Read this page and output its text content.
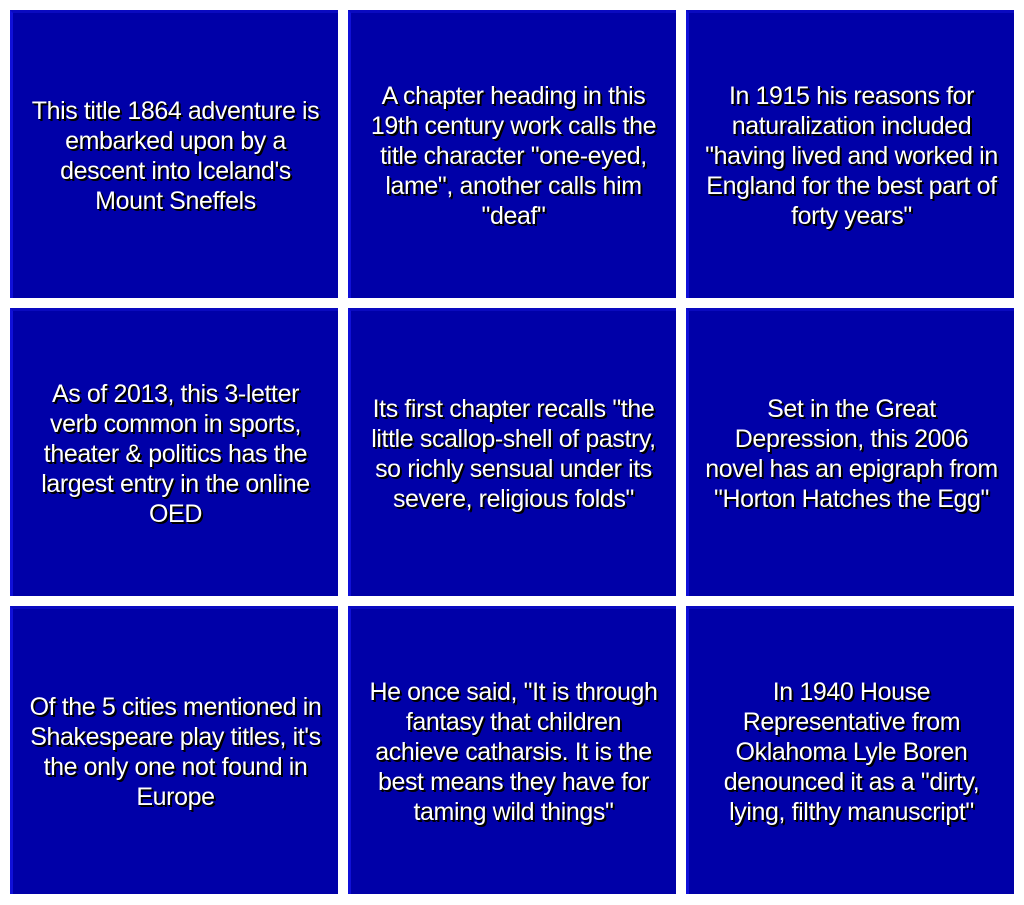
This title 1864 adventure is
embarked upon by a
descent into Iceland's
Mount Sneffels
A chapter heading in this
19th century work calls the
title character "one-eyed,
lame", another calls him
"deaf"
In 1915 his reasons for
naturalization included
"having lived and worked in
England for the best part of
forty years"
As of 2013, this 3-letter
verb common in sports,
theater & politics has the
largest entry in the online
OED
Its first chapter recalls "the
little scallop-shell of pastry,
so richly sensual under its
severe, religious folds"
Set in the Great
Depression, this 2006
novel has an epigraph from
"Horton Hatches the Egg"
Of the 5 cities mentioned in
Shakespeare play titles, it's
the only one not found in
Europe
He once said, "It is through
fantasy that children
achieve catharsis. It is the
best means they have for
taming wild things"
In 1940 House
Representative from
Oklahoma Lyle Boren
denounced it as a "dirty,
lying, filthy manuscript"
